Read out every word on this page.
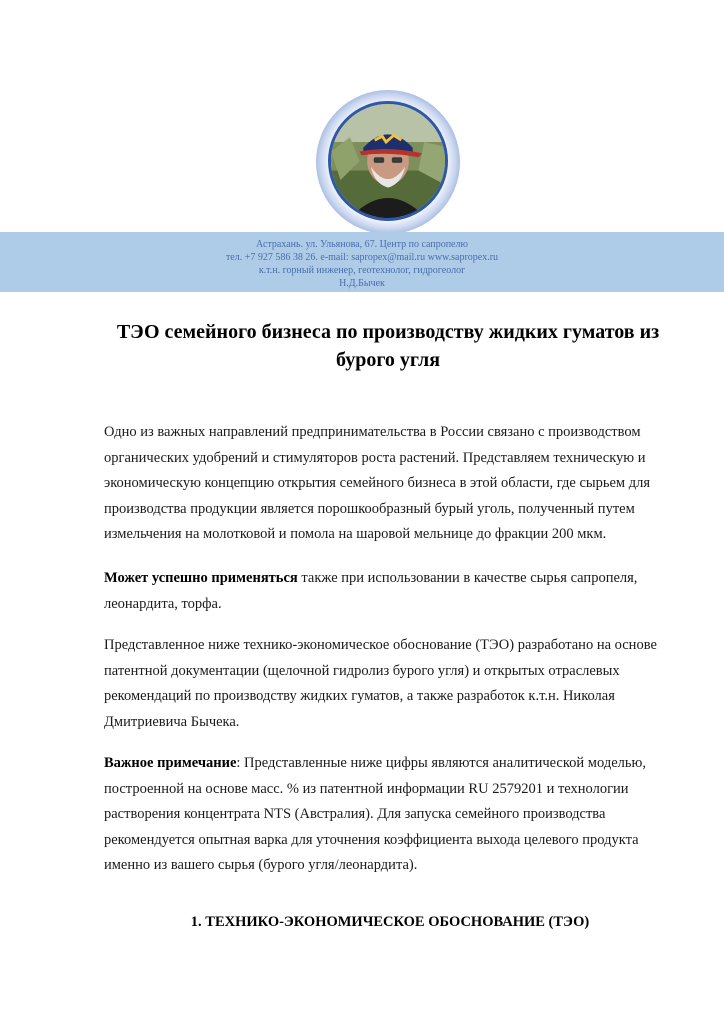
Астрахань. ул. Ульянова, 67. Центр по сапропелю
тел. +7 927 586 38 26. e-mail: sapropex@mail.ru www.sapropex.ru
к.т.н. горный инженер, геотехнолог, гидрогеолог
Н.Д.Бычек
ТЭО семейного бизнеса по производству жидких гуматов из бурого угля

Одно из важных направлений предпринимательства в России связано с производством органических удобрений и стимуляторов роста растений. Представляем техническую и экономическую концепцию открытия семейного бизнеса в этой области, где сырьем для производства продукции является порошкообразный бурый уголь, полученный путем измельчения на молотковой и помола на шаровой мельнице до фракции 200 мкм.

Может успешно применяться также при использовании в качестве сырья сапропеля, леонардита, торфа.

Представленное ниже технико-экономическое обоснование (ТЭО) разработано на основе патентной документации (щелочной гидролиз бурого угля) и открытых отраслевых рекомендаций по производству жидких гуматов, а также разработок к.т.н. Николая Дмитриевича Бычека.

Важное примечание: Представленные ниже цифры являются аналитической моделью, построенной на основе масс. % из патентной информации RU 2579201 и технологии растворения концентрата NTS (Австралия). Для запуска семейного производства рекомендуется опытная варка для уточнения коэффициента выхода целевого продукта именно из вашего сырья (бурого угля/леонардита).

1. ТЕХНИКО-ЭКОНОМИЧЕСКОЕ ОБОСНОВАНИЕ (ТЭО)
